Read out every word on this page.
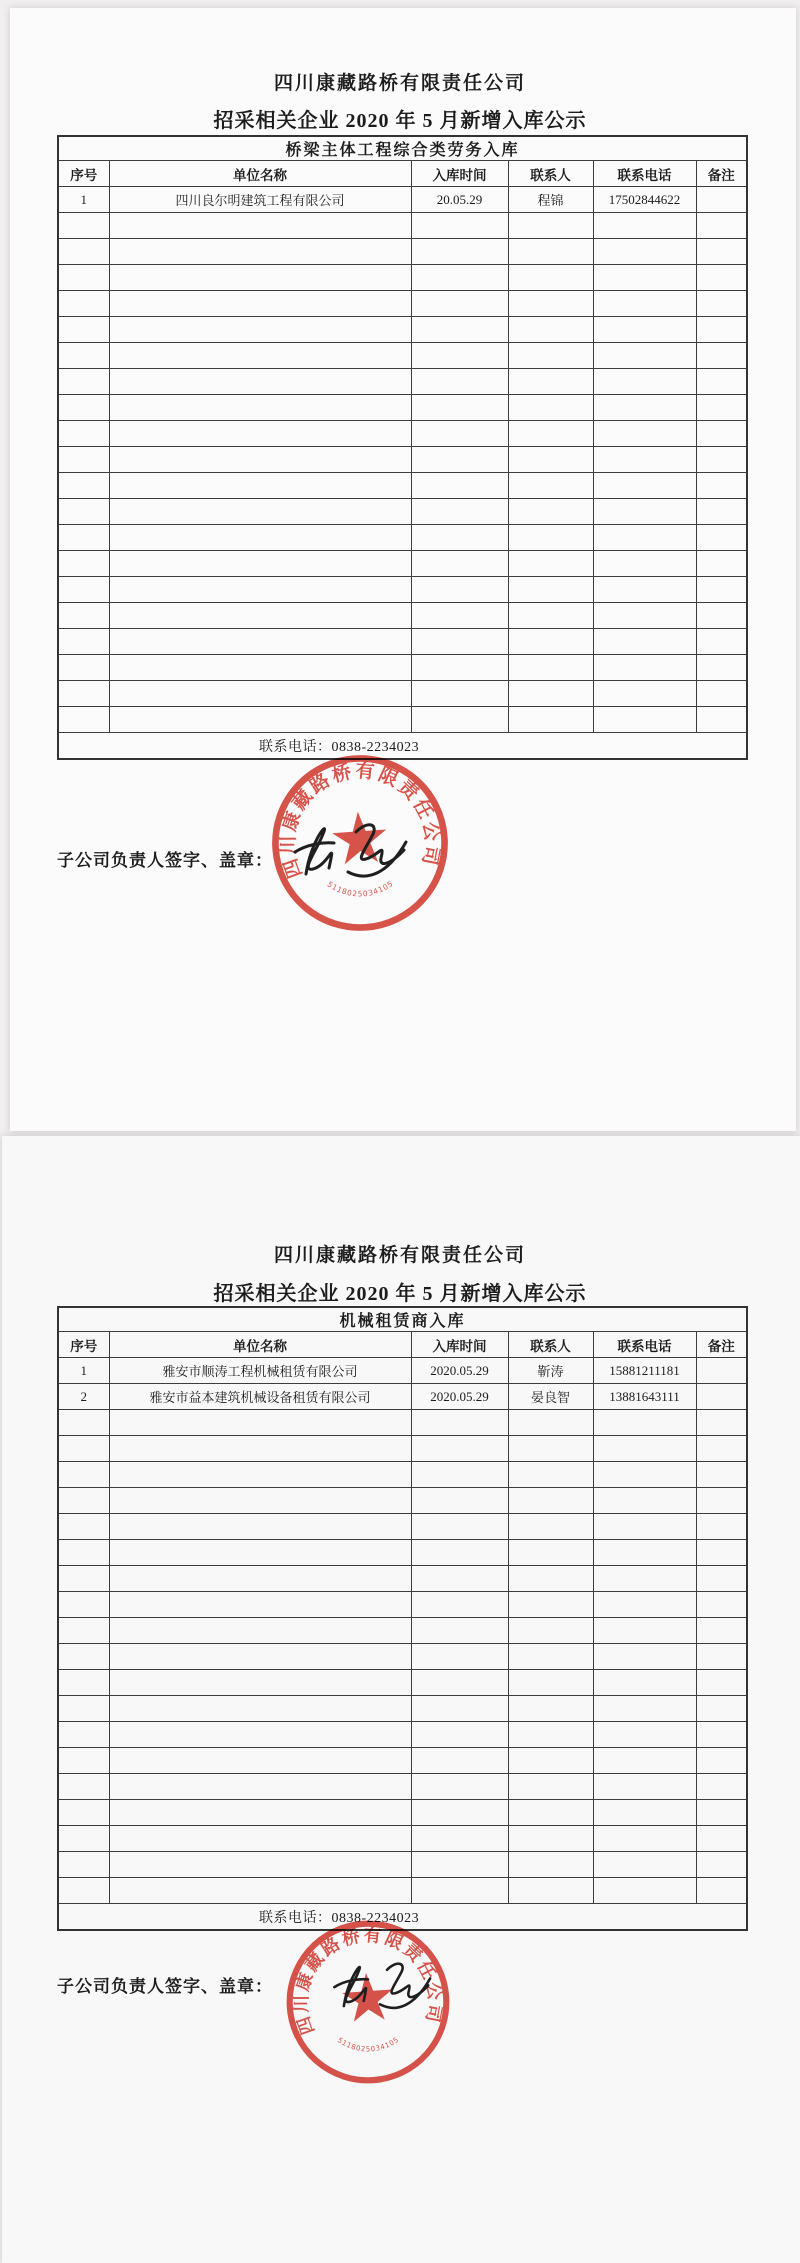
四川康藏路桥有限责任公司
招采相关企业 2020 年 5 月新增入库公示
桥梁主体工程综合类劳务入库					
序号	单位名称	入库时间	联系人	联系电话	备注
1	四川良尔明建筑工程有限公司	20.05.29	程锦	17502844622	

联系电话：0838-2234023					
四川康藏路桥有限责任公司
5118025034105
子公司负责人签字、盖章：
四川康藏路桥有限责任公司
招采相关企业 2020 年 5 月新增入库公示
机械租赁商入库					
序号	单位名称	入库时间	联系人	联系电话	备注
1	雅安市顺涛工程机械租赁有限公司	2020.05.29	靳涛	15881211181	
2	雅安市益本建筑机械设备租赁有限公司	2020.05.29	晏良智	13881643111	

联系电话：0838-2234023					
四川康藏路桥有限责任公司
5118025034105
子公司负责人签字、盖章：
